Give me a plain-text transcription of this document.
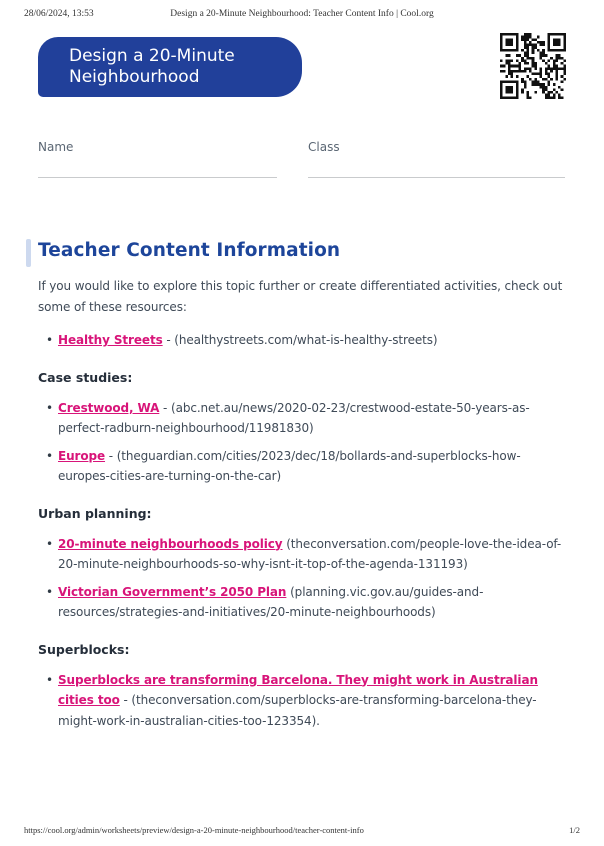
28/06/2024, 13:53	Design a 20-Minute Neighbourhood: Teacher Content Info | Cool.org
Design a 20-Minute Neighbourhood
Name	Class
Teacher Content Information

If you would like to explore this topic further or create differentiated activities, check out some of these resources:

• Healthy Streets - (healthystreets.com/what-is-healthy-streets)
Case studies:
• Crestwood, WA - (abc.net.au/news/2020-02-23/crestwood-estate-50-years-as-perfect-radburn-neighbourhood/11981830)
• Europe - (theguardian.com/cities/2023/dec/18/bollards-and-superblocks-how-europes-cities-are-turning-on-the-car)
Urban planning:
• 20-minute neighbourhoods policy (theconversation.com/people-love-the-idea-of-20-minute-neighbourhoods-so-why-isnt-it-top-of-the-agenda-131193)
• Victorian Government’s 2050 Plan (planning.vic.gov.au/guides-and-resources/strategies-and-initiatives/20-minute-neighbourhoods)
Superblocks:
• Superblocks are transforming Barcelona. They might work in Australian cities too - (theconversation.com/superblocks-are-transforming-barcelona-they-might-work-in-australian-cities-too-123354).
https://cool.org/admin/worksheets/preview/design-a-20-minute-neighbourhood/teacher-content-info	1/2
